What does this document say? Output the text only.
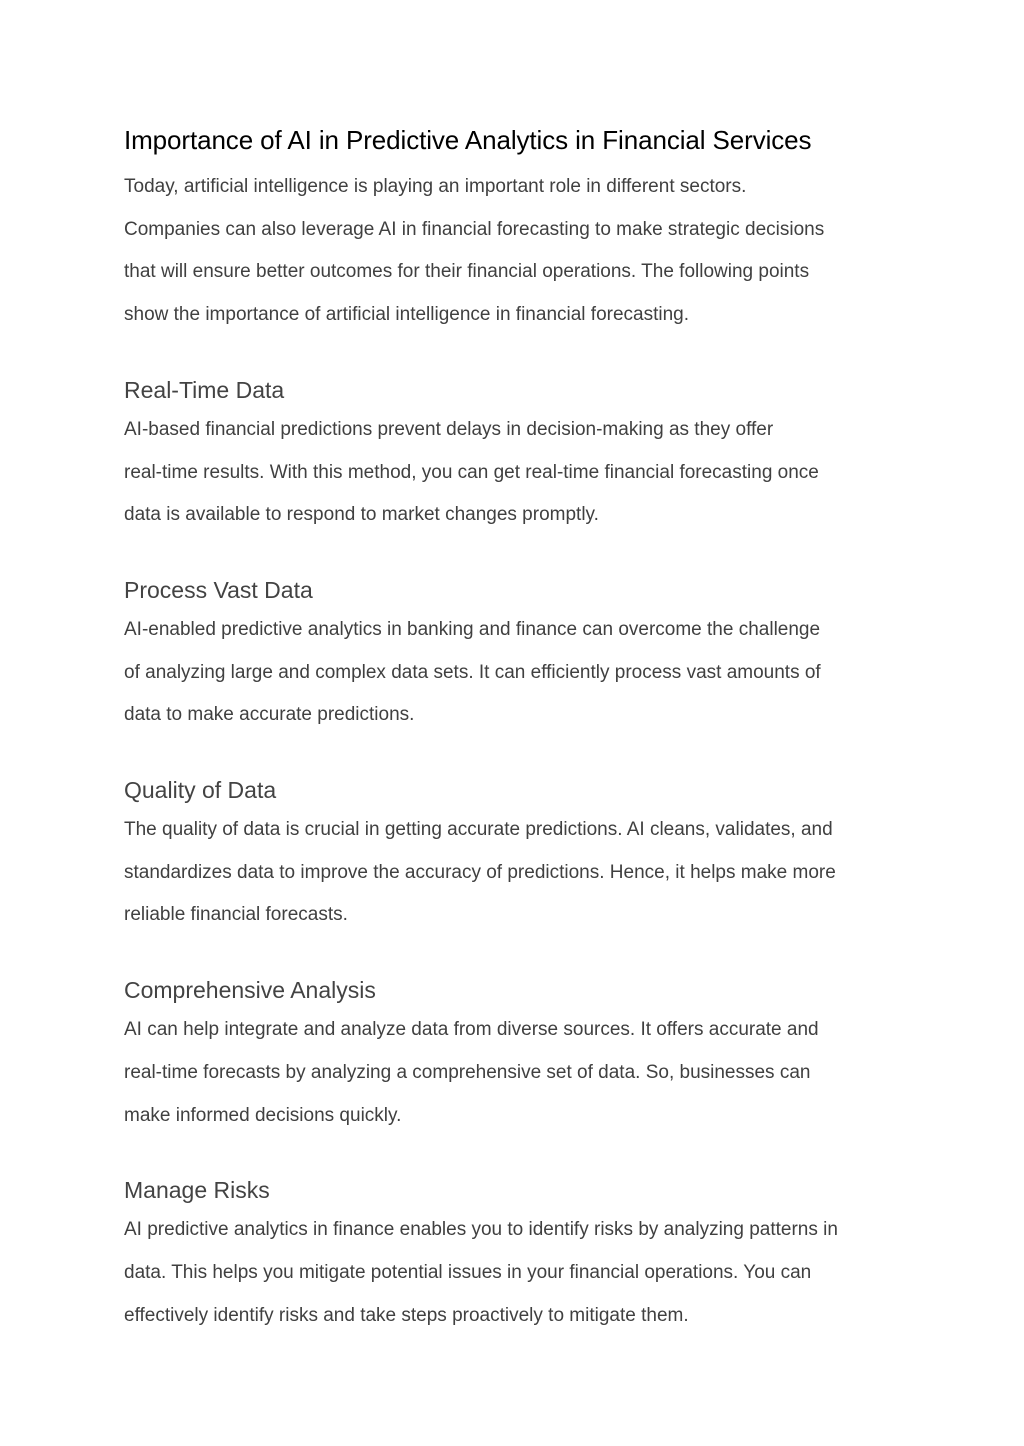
Importance of AI in Predictive Analytics in Financial Services

Today, artificial intelligence is playing an important role in different sectors.
Companies can also leverage AI in financial forecasting to make strategic decisions
that will ensure better outcomes for their financial operations. The following points
show the importance of artificial intelligence in financial forecasting.

Real-Time Data

AI-based financial predictions prevent delays in decision-making as they offer
real-time results. With this method, you can get real-time financial forecasting once
data is available to respond to market changes promptly.

Process Vast Data

AI-enabled predictive analytics in banking and finance can overcome the challenge
of analyzing large and complex data sets. It can efficiently process vast amounts of
data to make accurate predictions.

Quality of Data

The quality of data is crucial in getting accurate predictions. AI cleans, validates, and
standardizes data to improve the accuracy of predictions. Hence, it helps make more
reliable financial forecasts.

Comprehensive Analysis

AI can help integrate and analyze data from diverse sources. It offers accurate and
real-time forecasts by analyzing a comprehensive set of data. So, businesses can
make informed decisions quickly.

Manage Risks

AI predictive analytics in finance enables you to identify risks by analyzing patterns in
data. This helps you mitigate potential issues in your financial operations. You can
effectively identify risks and take steps proactively to mitigate them.
